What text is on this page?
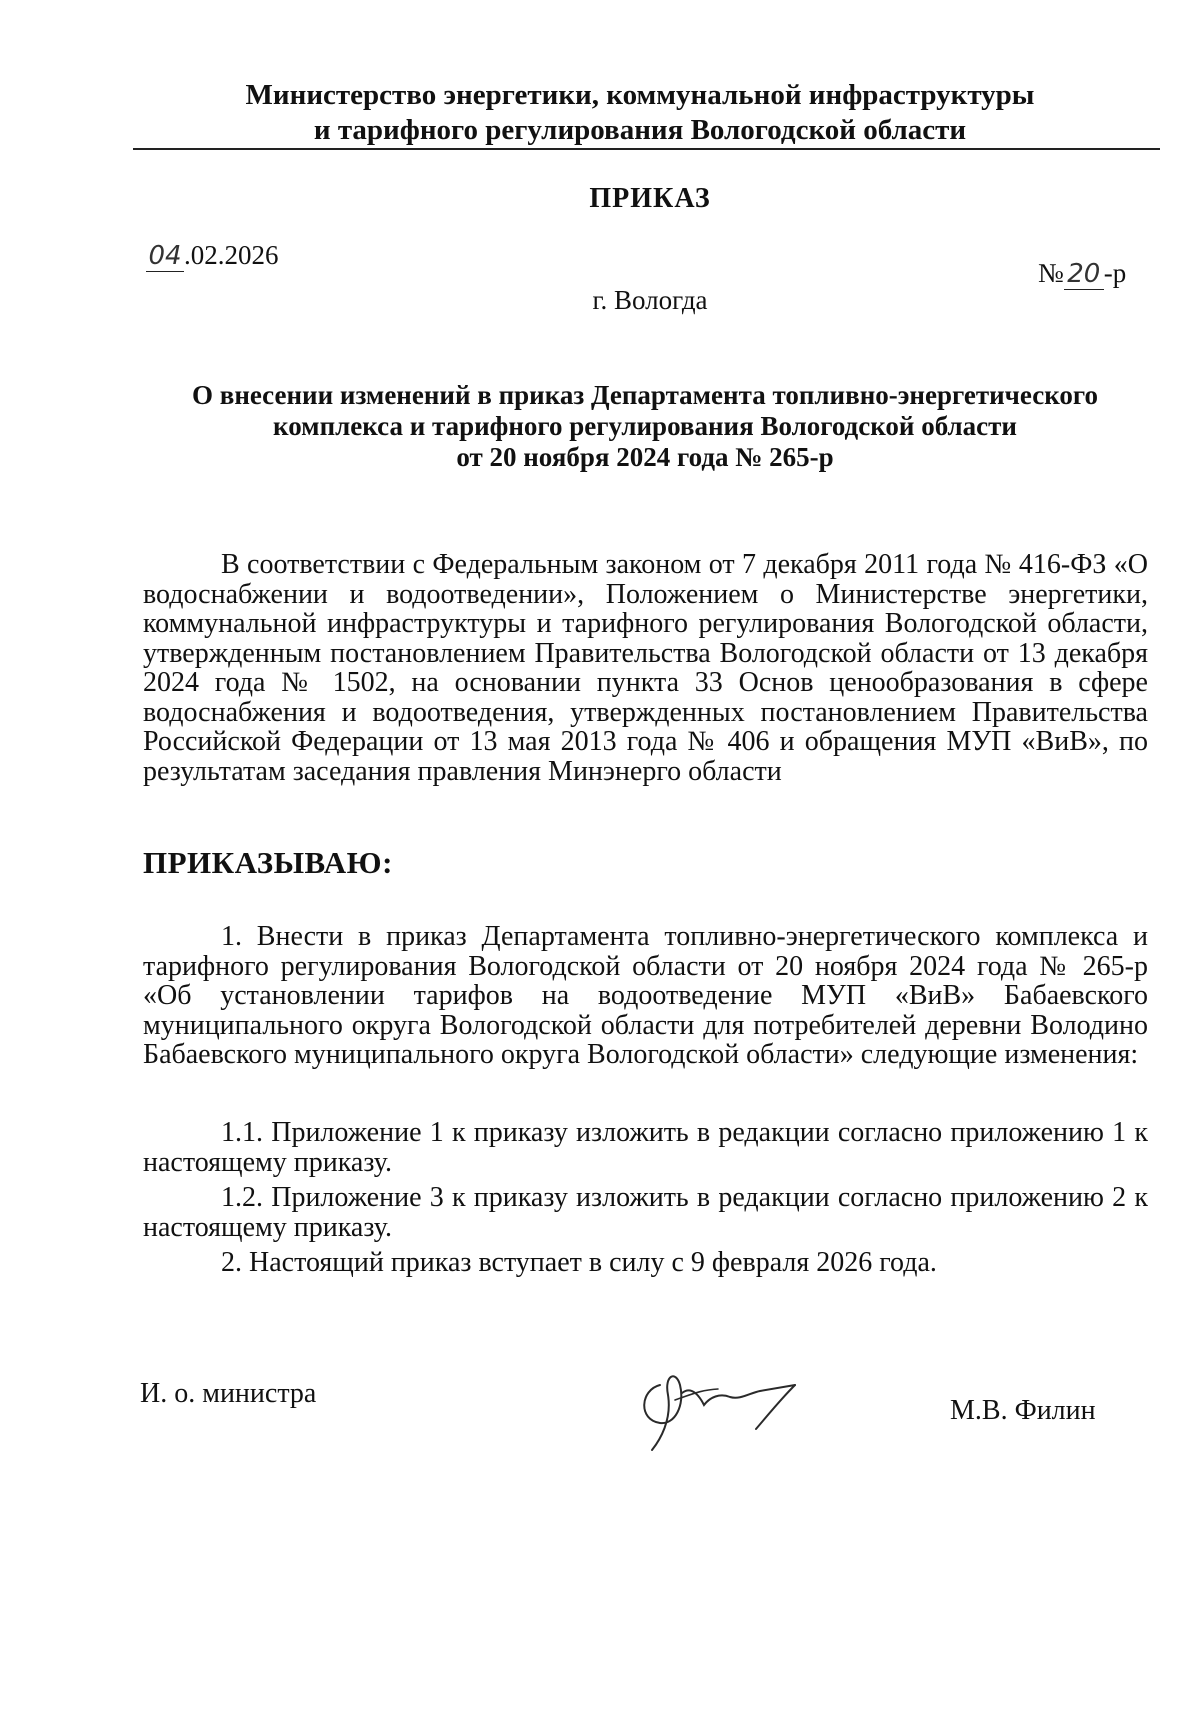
Министерство энергетики, коммунальной инфраструктуры
и тарифного регулирования Вологодской области
ПРИКАЗ
04.02.2026
№ 20 -р
г. Вологда
О внесении изменений в приказ Департамента топливно-энергетического
комплекса и тарифного регулирования Вологодской области
от 20 ноября 2024 года № 265-р
В соответствии с Федеральным законом от 7 декабря 2011 года № 416-ФЗ «О водоснабжении и водоотведении», Положением о Министерстве энергетики, коммунальной инфраструктуры и тарифного регулирования Вологодской области, утвержденным постановлением Правительства Вологодской области от 13 декабря 2024 года № 1502, на основании пункта 33 Основ ценообразования в сфере водоснабжения и водоотведения, утвержденных постановлением Правительства Российской Федерации от 13 мая 2013 года № 406 и обращения МУП «ВиВ», по результатам заседания правления Минэнерго области
ПРИКАЗЫВАЮ:
1. Внести в приказ Департамента топливно-энергетического комплекса и тарифного регулирования Вологодской области от 20 ноября 2024 года № 265-р «Об установлении тарифов на водоотведение МУП «ВиВ» Бабаевского муниципального округа Вологодской области для потребителей деревни Володино Бабаевского муниципального округа Вологодской области» следующие изменения:
1.1. Приложение 1 к приказу изложить в редакции согласно приложению 1 к настоящему приказу.
1.2. Приложение 3 к приказу изложить в редакции согласно приложению 2 к настоящему приказу.
2. Настоящий приказ вступает в силу с 9 февраля 2026 года.
И. о. министра
М.В. Филин
